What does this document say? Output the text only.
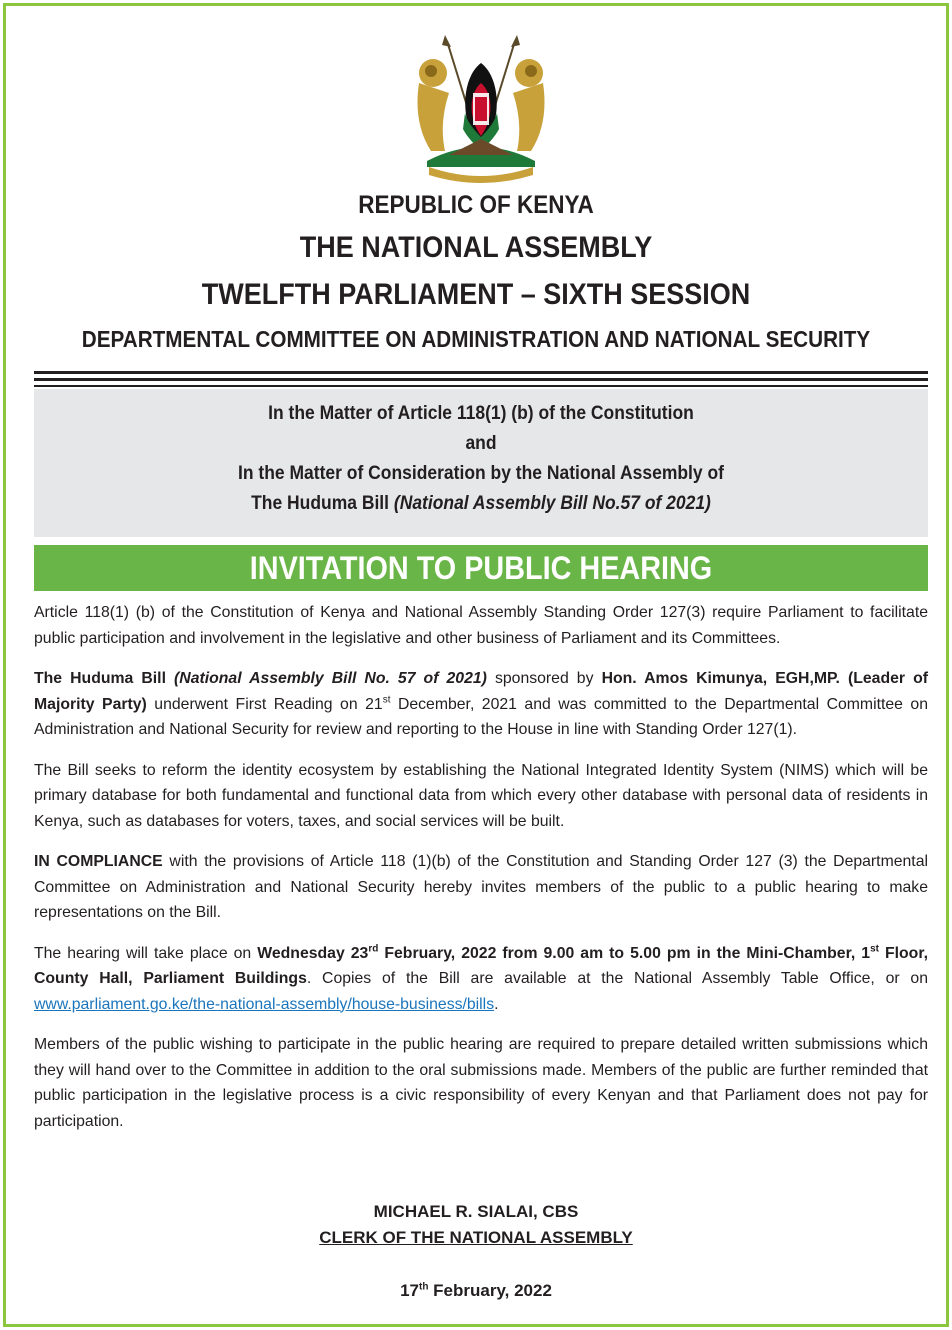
REPUBLIC OF KENYA
THE NATIONAL ASSEMBLY
TWELFTH PARLIAMENT – SIXTH SESSION
DEPARTMENTAL COMMITTEE ON ADMINISTRATION AND NATIONAL SECURITY
In the Matter of Article 118(1) (b) of the Constitution
and
In the Matter of Consideration by the National Assembly of
The Huduma Bill (National Assembly Bill No.57 of 2021)
INVITATION TO PUBLIC HEARING

Article 118(1) (b) of the Constitution of Kenya and National Assembly Standing Order 127(3) require Parliament to facilitate public participation and involvement in the legislative and other business of Parliament and its Committees.

The Huduma Bill (National Assembly Bill No. 57 of 2021) sponsored by Hon. Amos Kimunya, EGH,MP. (Leader of Majority Party) underwent First Reading on 21st December, 2021 and was committed to the Departmental Committee on Administration and National Security for review and reporting to the House in line with Standing Order 127(1).

The Bill seeks to reform the identity ecosystem by establishing the National Integrated Identity System (NIMS) which will be primary database for both fundamental and functional data from which every other database with personal data of residents in Kenya, such as databases for voters, taxes, and social services will be built.

IN COMPLIANCE with the provisions of Article 118 (1)(b) of the Constitution and Standing Order 127 (3) the Departmental Committee on Administration and National Security hereby invites members of the public to a public hearing to make representations on the Bill.

The hearing will take place on Wednesday 23rd February, 2022 from 9.00 am to 5.00 pm in the Mini-Chamber, 1st Floor, County Hall, Parliament Buildings. Copies of the Bill are available at the National Assembly Table Office, or on www.parliament.go.ke/the-national-assembly/house-business/bills.

Members of the public wishing to participate in the public hearing are required to prepare detailed written submissions which they will hand over to the Committee in addition to the oral submissions made. Members of the public are further reminded that public participation in the legislative process is a civic responsibility of every Kenyan and that Parliament does not pay for participation.

MICHAEL R. SIALAI, CBS
CLERK OF THE NATIONAL ASSEMBLY
17th February, 2022
